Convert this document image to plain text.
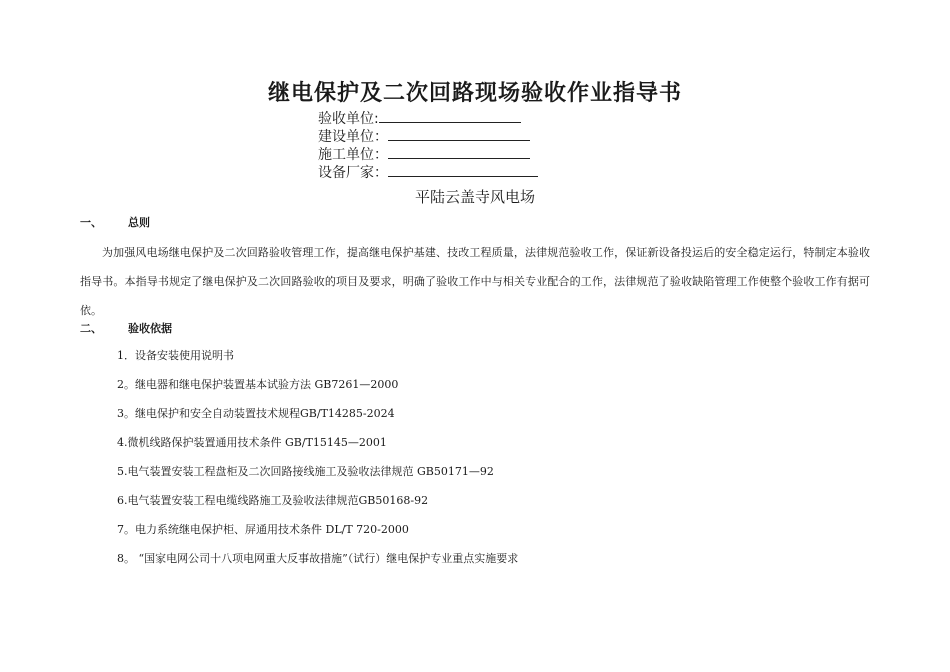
继电保护及二次回路现场验收作业指导书
验收单位:
建设单位：
施工单位：
设备厂家：
平陆云盖寺风电场
一、 总则
为加强风电场继电保护及二次回路验收管理工作，提高继电保护基建、技改工程质量，法律规范验收工作，保证新设备投运后的安全稳定运行，特制定本验收指导书。本指导书规定了继电保护及二次回路验收的项目及要求，明确了验收工作中与相关专业配合的工作，法律规范了验收缺陷管理工作使整个验收工作有据可依。
二、 验收依据
1．设备安装使用说明书
2。继电器和继电保护装置基本试验方法 GB7261—2000
3。继电保护和安全自动装置技术规程GB/T14285-2024
4.微机线路保护装置通用技术条件 GB/T15145—2001
5.电气装置安装工程盘柜及二次回路接线施工及验收法律规范 GB50171—92
6.电气装置安装工程电缆线路施工及验收法律规范GB50168-92
7。电力系统继电保护柜、屏通用技术条件 DL/T 720-2000
8。 “国家电网公司十八项电网重大反事故措施”（试行）继电保护专业重点实施要求
